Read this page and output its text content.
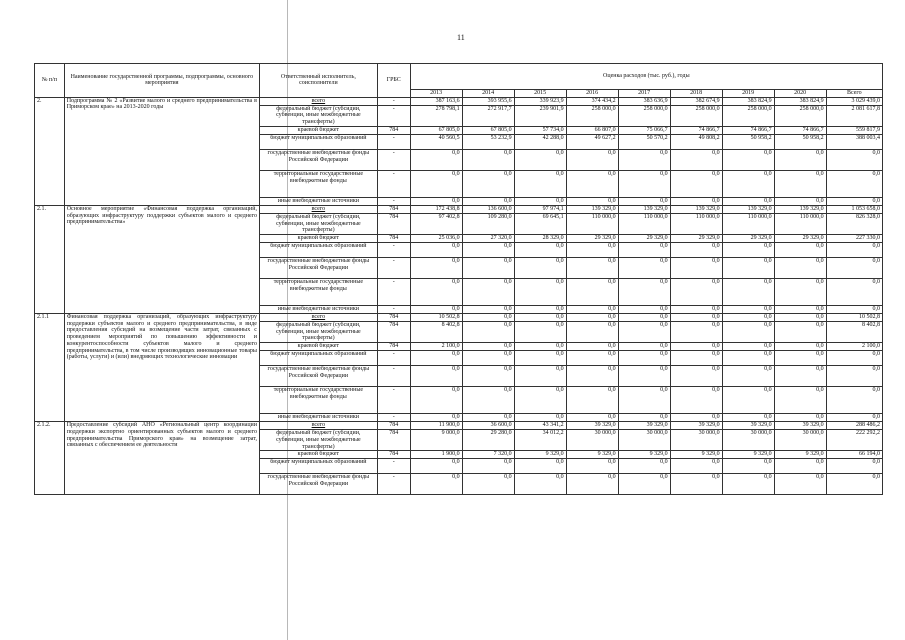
11
№ п/п	Наименование государственной программы, подпрограммы, основного мероприятия	Ответственный исполнитель, соисполнители	ГРБС	Оценка расходов (тыс. руб.), годы								
				2013	2014	2015	2016	2017	2018	2019	2020	Всего
2.	Подпрограмма № 2 «Развитие малого и среднего предпринимательства в Приморском крае» на 2013-2020 годы	всего	-	387 163,6	393 955,6	339 923,9	374 434,2	383 636,9	382 674,9	383 824,9	383 824,9	3 029 439,0
		федеральный бюджет (субсидии, субвенции, иные межбюджетные трансферты)	-	278 798,1	272 917,7	239 901,9	258 000,0	258 000,0	258 000,0	258 000,0	258 000,0	2 081 617,8
		краевой бюджет	784	67 805,0	67 805,0	57 734,0	66 807,0	75 066,7	74 866,7	74 866,7	74 866,7	559 817,9
		бюджет муниципальных образований	-	40 560,5	53 232,9	42 288,0	49 627,2	50 570,2	49 808,2	50 958,2	50 958,2	388 003,4
		государственные внебюджетные фонды Российской Федерации	-	0,0	0,0	0,0	0,0	0,0	0,0	0,0	0,0	0,0
		территориальные государственные внебюджетные фонды	-	0,0	0,0	0,0	0,0	0,0	0,0	0,0	0,0	0,0
		иные внебюджетные источники	-	0,0	0,0	0,0	0,0	0,0	0,0	0,0	0,0	0,0
2.1.	Основное мероприятие «Финансовая поддержка организаций, образующих инфраструктуру поддержки субъектов малого и среднего предпринимательства»	всего	784	172 438,8	136 600,0	97 974,1	139 329,0	139 329,0	139 329,0	139 329,0	139 329,0	1 053 658,0
		федеральный бюджет (субсидии, субвенции, иные межбюджетные трансферты)	784	97 402,8	109 280,0	69 645,1	110 000,0	110 000,0	110 000,0	110 000,0	110 000,0	826 328,0
		краевой бюджет	784	25 036,0	27 320,0	28 329,0	29 329,0	29 329,0	29 329,0	29 329,0	29 329,0	227 330,0
		бюджет муниципальных образований	-	0,0	0,0	0,0	0,0	0,0	0,0	0,0	0,0	0,0
		государственные внебюджетные фонды Российской Федерации	-	0,0	0,0	0,0	0,0	0,0	0,0	0,0	0,0	0,0
		территориальные государственные внебюджетные фонды	-	0,0	0,0	0,0	0,0	0,0	0,0	0,0	0,0	0,0
		иные внебюджетные источники	-	0,0	0,0	0,0	0,0	0,0	0,0	0,0	0,0	0,0
2.1.1	Финансовая поддержка организаций, образующих инфраструктуру поддержки субъектов малого и среднего предпринимательства, в виде предоставления субсидий на возмещение части затрат, связанных с проведением мероприятий по повышению эффективности и конкурентоспособности субъектов малого и среднего предпринимательства, в том числе производящих инновационные товары (работы, услуги) и (или) внедряющих технологические инновации	всего	784	10 502,8	0,0	0,0	0,0	0,0	0,0	0,0	0,0	10 502,8
		федеральный бюджет (субсидии, субвенции, иные межбюджетные трансферты)	784	8 402,8	0,0	0,0	0,0	0,0	0,0	0,0	0,0	8 402,8
		краевой бюджет	784	2 100,0	0,0	0,0	0,0	0,0	0,0	0,0	0,0	2 100,0
		бюджет муниципальных образований	-	0,0	0,0	0,0	0,0	0,0	0,0	0,0	0,0	0,0
		государственные внебюджетные фонды Российской Федерации	-	0,0	0,0	0,0	0,0	0,0	0,0	0,0	0,0	0,0
		территориальные государственные внебюджетные фонды	-	0,0	0,0	0,0	0,0	0,0	0,0	0,0	0,0	0,0
		иные внебюджетные источники	-	0,0	0,0	0,0	0,0	0,0	0,0	0,0	0,0	0,0
2.1.2.	Предоставление субсидий АНО «Региональный центр координации поддержки экспортно ориентированных субъектов малого и среднего предпринимательства Приморского края» на возмещение затрат, связанных с обеспечением ее деятельности	всего	784	11 900,0	36 600,0	43 341,2	39 329,0	39 329,0	39 329,0	39 329,0	39 329,0	288 486,2
		федеральный бюджет (субсидии, субвенции, иные межбюджетные трансферты)	784	9 000,0	29 280,0	34 012,2	30 000,0	30 000,0	30 000,0	30 000,0	30 000,0	222 292,2
		краевой бюджет	784	1 900,0	7 320,0	9 329,0	9 329,0	9 329,0	9 329,0	9 329,0	9 329,0	66 194,0
		бюджет муниципальных образований	-	0,0	0,0	0,0	0,0	0,0	0,0	0,0	0,0	0,0
		государственные внебюджетные фонды Российской Федерации	-	0,0	0,0	0,0	0,0	0,0	0,0	0,0	0,0	0,0
